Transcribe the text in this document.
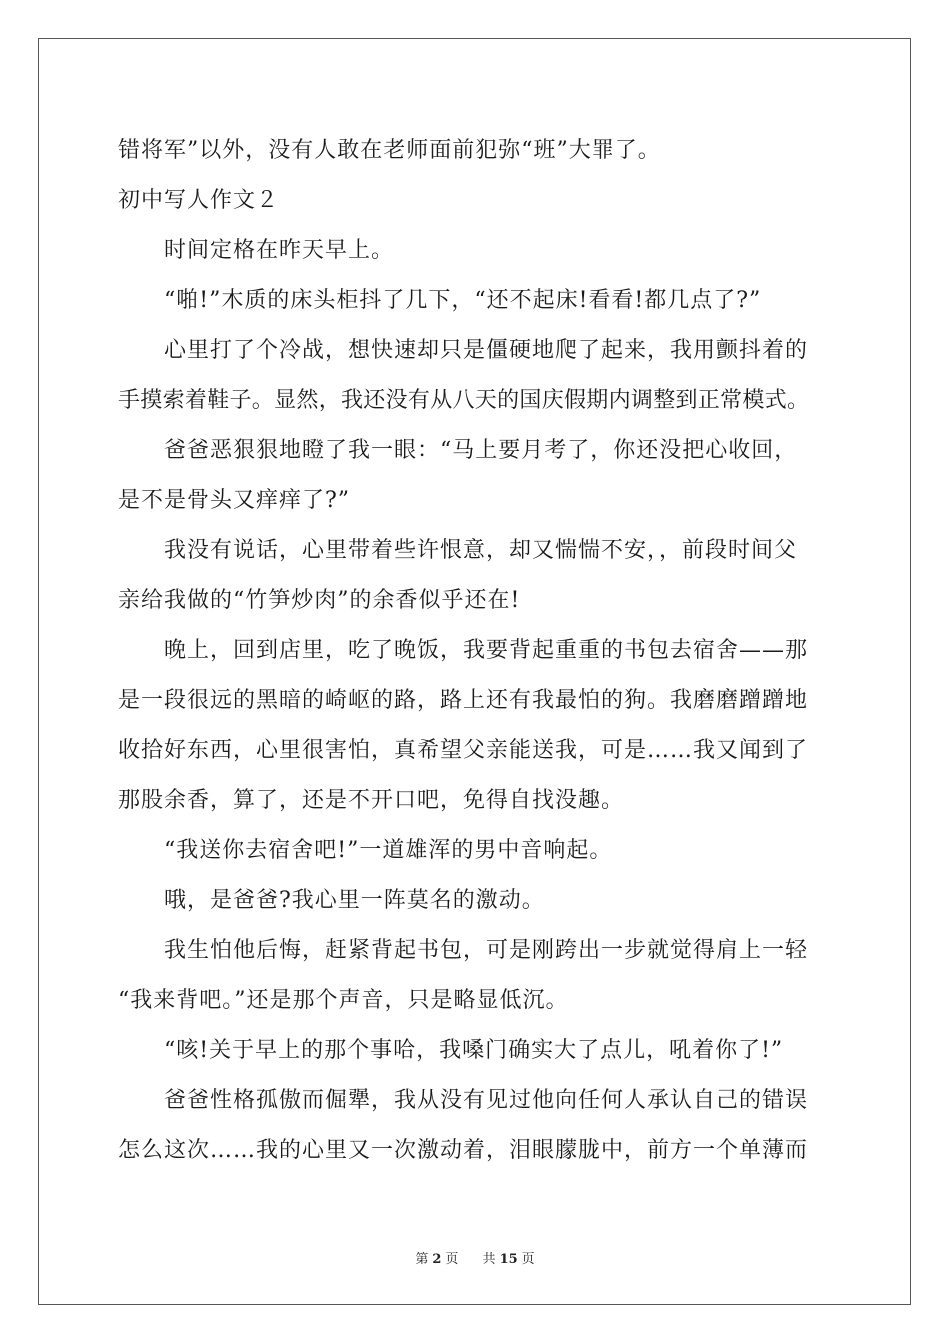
错将军”以外，没有人敢在老师面前犯弥“班”大罪了。
初中写人作文２
时间定格在昨天早上。
“啪!”木质的床头柜抖了几下，“还不起床!看看!都几点了?”
心里打了个冷战，想快速却只是僵硬地爬了起来，我用颤抖着的
手摸索着鞋子。显然，我还没有从八天的国庆假期内调整到正常模式。
爸爸恶狠狠地瞪了我一眼：“马上要月考了，你还没把心收回，
是不是骨头又痒痒了?”
我没有说话，心里带着些许恨意，却又惴惴不安，，前段时间父
亲给我做的“竹笋炒肉”的余香似乎还在!
晚上，回到店里，吃了晚饭，我要背起重重的书包去宿舍——那
是一段很远的黑暗的崎岖的路，路上还有我最怕的狗。我磨磨蹭蹭地
收拾好东西，心里很害怕，真希望父亲能送我，可是……我又闻到了
那股余香，算了，还是不开口吧，免得自找没趣。
“我送你去宿舍吧!”一道雄浑的男中音响起。
哦，是爸爸?我心里一阵莫名的激动。
我生怕他后悔，赶紧背起书包，可是刚跨出一步就觉得肩上一轻
“我来背吧。”还是那个声音，只是略显低沉。
“咳!关于早上的那个事哈，我嗓门确实大了点儿，吼着你了!”
爸爸性格孤傲而倔犟，我从没有见过他向任何人承认自己的错误
怎么这次……我的心里又一次激动着，泪眼朦胧中，前方一个单薄而
第 2 页 共 15 页
